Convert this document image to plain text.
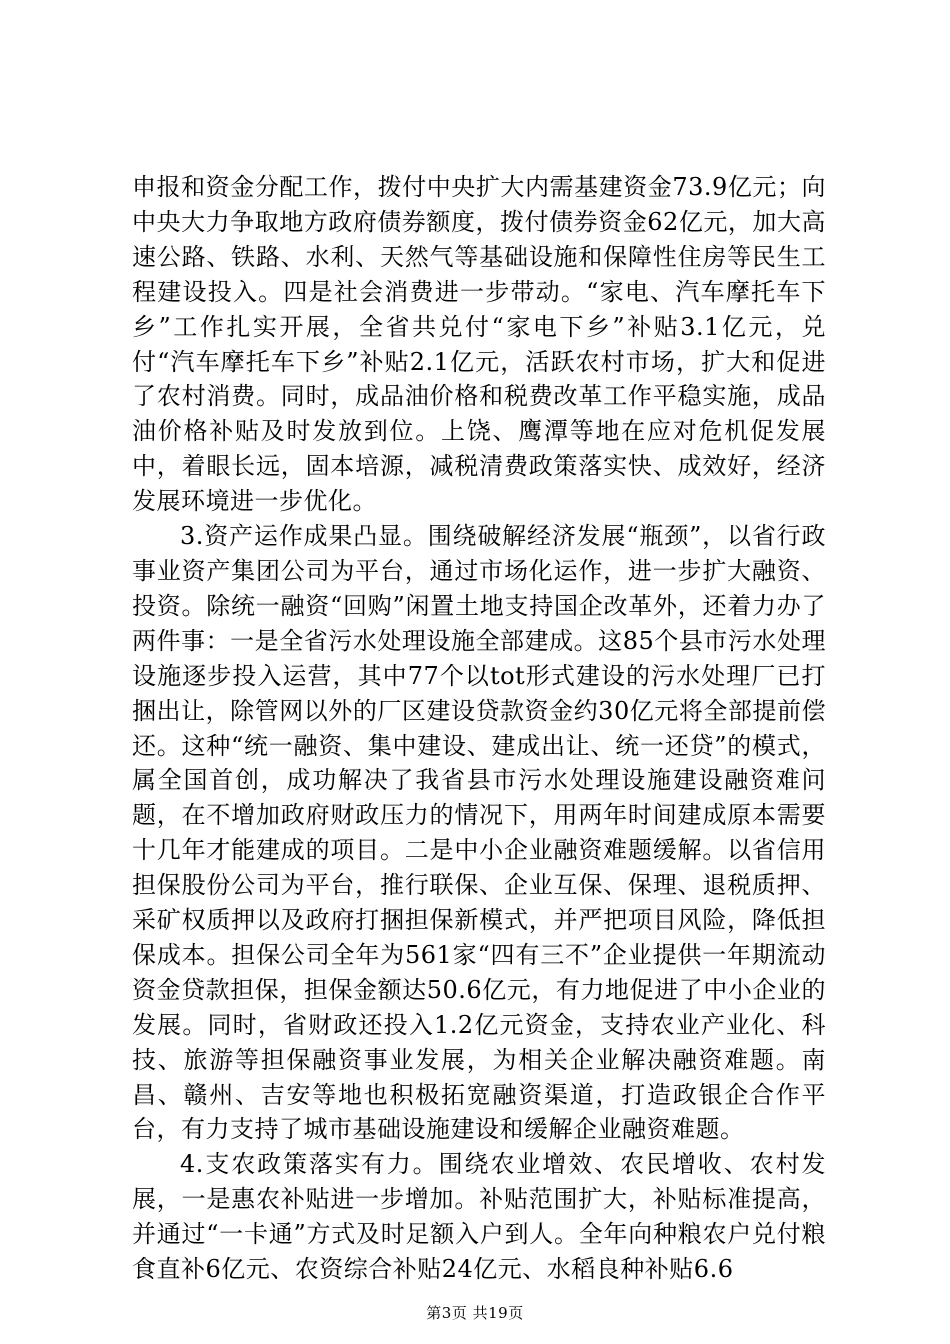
申报和资金分配工作，拨付中央扩大内需基建资金73.9亿元；向中央大力争取地方政府债券额度，拨付债券资金62亿元，加大高速公路、铁路、水利、天然气等基础设施和保障性住房等民生工程建设投入。四是社会消费进一步带动。“家电、汽车摩托车下乡”工作扎实开展，全省共兑付“家电下乡”补贴3.1亿元，兑付“汽车摩托车下乡”补贴2.1亿元，活跃农村市场，扩大和促进了农村消费。同时，成品油价格和税费改革工作平稳实施，成品油价格补贴及时发放到位。上饶、鹰潭等地在应对危机促发展中，着眼长远，固本培源，减税清费政策落实快、成效好，经济发展环境进一步优化。

3.资产运作成果凸显。围绕破解经济发展“瓶颈”，以省行政事业资产集团公司为平台，通过市场化运作，进一步扩大融资、投资。除统一融资“回购”闲置土地支持国企改革外，还着力办了两件事：一是全省污水处理设施全部建成。这85个县市污水处理设施逐步投入运营，其中77个以tot形式建设的污水处理厂已打捆出让，除管网以外的厂区建设贷款资金约30亿元将全部提前偿还。这种“统一融资、集中建设、建成出让、统一还贷”的模式，属全国首创，成功解决了我省县市污水处理设施建设融资难问题，在不增加政府财政压力的情况下，用两年时间建成原本需要十几年才能建成的项目。二是中小企业融资难题缓解。以省信用担保股份公司为平台，推行联保、企业互保、保理、退税质押、采矿权质押以及政府打捆担保新模式，并严把项目风险，降低担保成本。担保公司全年为561家“四有三不”企业提供一年期流动资金贷款担保，担保金额达50.6亿元，有力地促进了中小企业的发展。同时，省财政还投入1.2亿元资金，支持农业产业化、科技、旅游等担保融资事业发展，为相关企业解决融资难题。南昌、赣州、吉安等地也积极拓宽融资渠道，打造政银企合作平台，有力支持了城市基础设施建设和缓解企业融资难题。

4.支农政策落实有力。围绕农业增效、农民增收、农村发展，一是惠农补贴进一步增加。补贴范围扩大，补贴标准提高，并通过“一卡通”方式及时足额入户到人。全年向种粮农户兑付粮食直补6亿元、农资综合补贴24亿元、水稻良种补贴6.6

第3页 共19页
